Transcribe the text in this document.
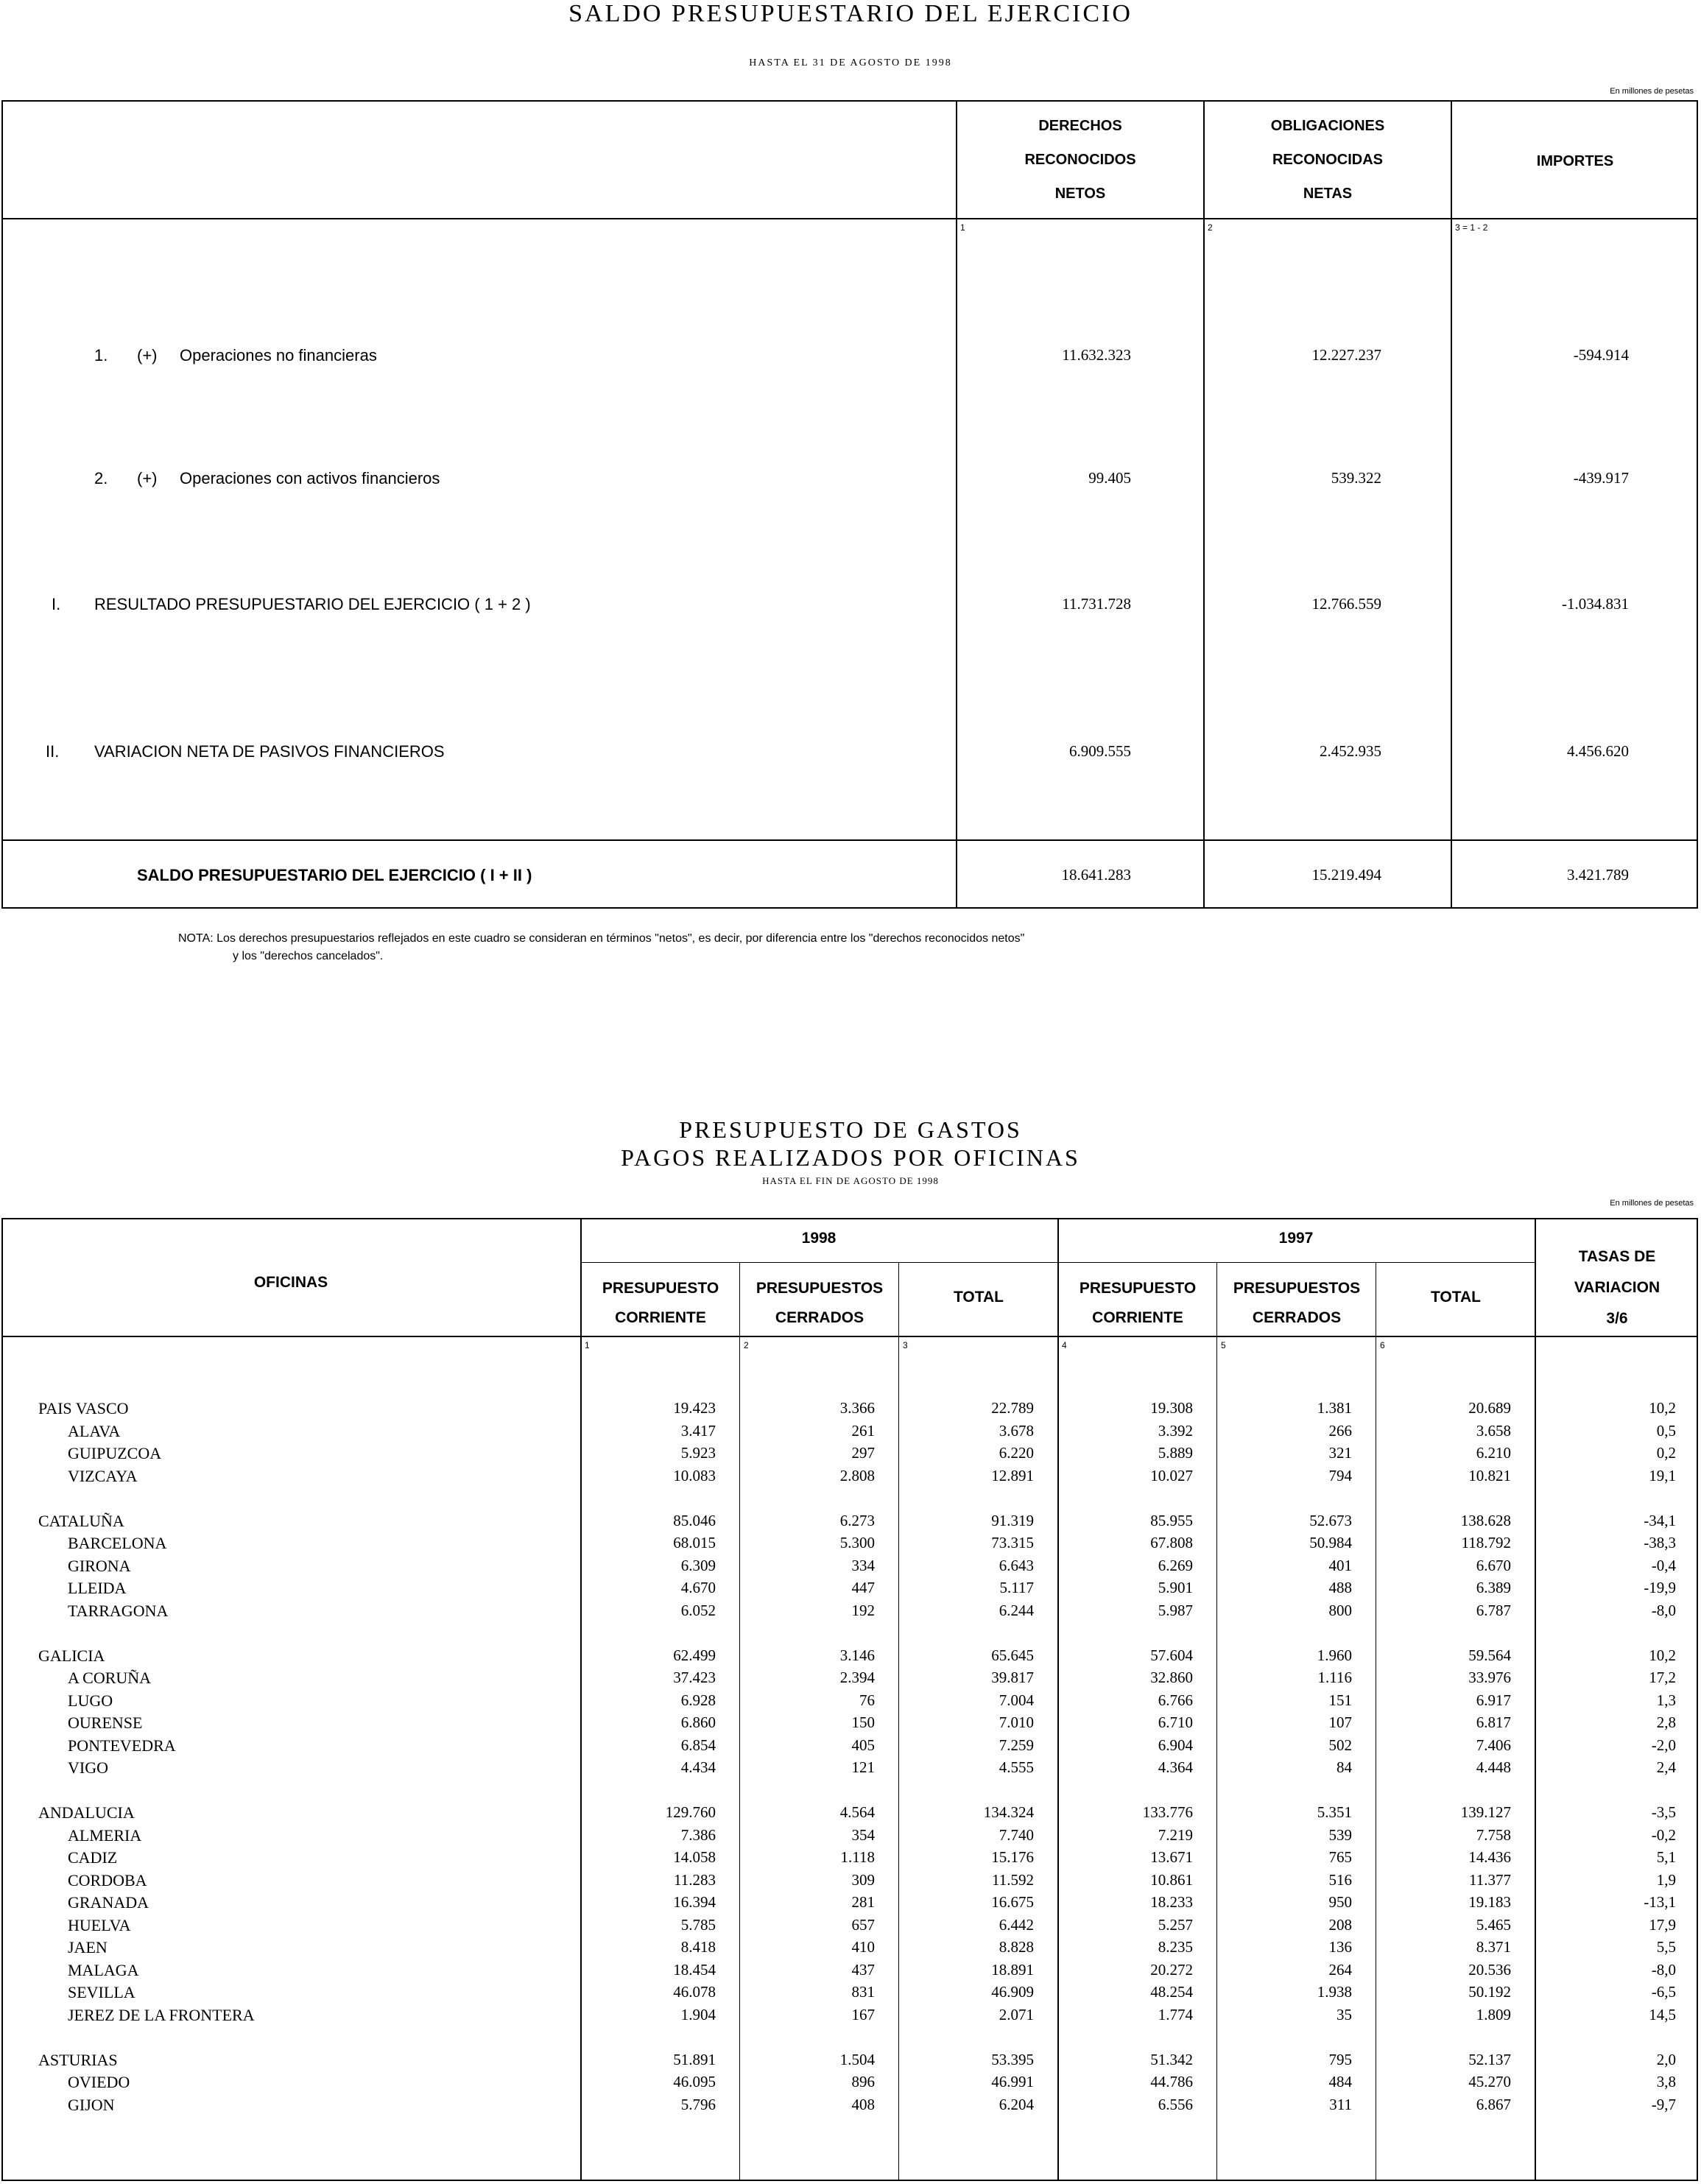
SALDO PRESUPUESTARIO DEL EJERCICIO
HASTA EL 31 DE AGOSTO DE 1998
En millones de pesetas
DERECHOS
RECONOCIDOS
NETOS
OBLIGACIONES
RECONOCIDAS
NETAS
IMPORTES
1	2	3 = 1 - 2
1. (+) Operaciones no financieras	11.632.323	12.227.237	-594.914
2. (+) Operaciones con activos financieros	99.405	539.322	-439.917
I. RESULTADO PRESUPUESTARIO DEL EJERCICIO ( 1 + 2 )	11.731.728	12.766.559	-1.034.831
II. VARIACION NETA DE PASIVOS FINANCIEROS	6.909.555	2.452.935	4.456.620
SALDO PRESUPUESTARIO DEL EJERCICIO ( I + II )	18.641.283	15.219.494	3.421.789
NOTA: Los derechos presupuestarios reflejados en este cuadro se consideran en términos "netos", es decir, por diferencia entre los "derechos reconocidos netos"
y los "derechos cancelados".
PRESUPUESTO DE GASTOS
PAGOS REALIZADOS POR OFICINAS
HASTA EL FIN DE AGOSTO DE 1998
En millones de pesetas
OFICINAS
1998	1997
PRESUPUESTO
CORRIENTE
PRESUPUESTOS
CERRADOS
TOTAL
PRESUPUESTO
CORRIENTE
PRESUPUESTOS
CERRADOS
TOTAL
TASAS DE
VARIACION
3/6
1	2	3	4	5	6
PAIS VASCO	19.423	3.366	22.789	19.308	1.381	20.689	10,2
ALAVA	3.417	261	3.678	3.392	266	3.658	0,5
GUIPUZCOA	5.923	297	6.220	5.889	321	6.210	0,2
VIZCAYA	10.083	2.808	12.891	10.027	794	10.821	19,1
CATALUÑA	85.046	6.273	91.319	85.955	52.673	138.628	-34,1
BARCELONA	68.015	5.300	73.315	67.808	50.984	118.792	-38,3
GIRONA	6.309	334	6.643	6.269	401	6.670	-0,4
LLEIDA	4.670	447	5.117	5.901	488	6.389	-19,9
TARRAGONA	6.052	192	6.244	5.987	800	6.787	-8,0
GALICIA	62.499	3.146	65.645	57.604	1.960	59.564	10,2
A CORUÑA	37.423	2.394	39.817	32.860	1.116	33.976	17,2
LUGO	6.928	76	7.004	6.766	151	6.917	1,3
OURENSE	6.860	150	7.010	6.710	107	6.817	2,8
PONTEVEDRA	6.854	405	7.259	6.904	502	7.406	-2,0
VIGO	4.434	121	4.555	4.364	84	4.448	2,4
ANDALUCIA	129.760	4.564	134.324	133.776	5.351	139.127	-3,5
ALMERIA	7.386	354	7.740	7.219	539	7.758	-0,2
CADIZ	14.058	1.118	15.176	13.671	765	14.436	5,1
CORDOBA	11.283	309	11.592	10.861	516	11.377	1,9
GRANADA	16.394	281	16.675	18.233	950	19.183	-13,1
HUELVA	5.785	657	6.442	5.257	208	5.465	17,9
JAEN	8.418	410	8.828	8.235	136	8.371	5,5
MALAGA	18.454	437	18.891	20.272	264	20.536	-8,0
SEVILLA	46.078	831	46.909	48.254	1.938	50.192	-6,5
JEREZ DE LA FRONTERA	1.904	167	2.071	1.774	35	1.809	14,5
ASTURIAS	51.891	1.504	53.395	51.342	795	52.137	2,0
OVIEDO	46.095	896	46.991	44.786	484	45.270	3,8
GIJON	5.796	408	6.204	6.556	311	6.867	-9,7
